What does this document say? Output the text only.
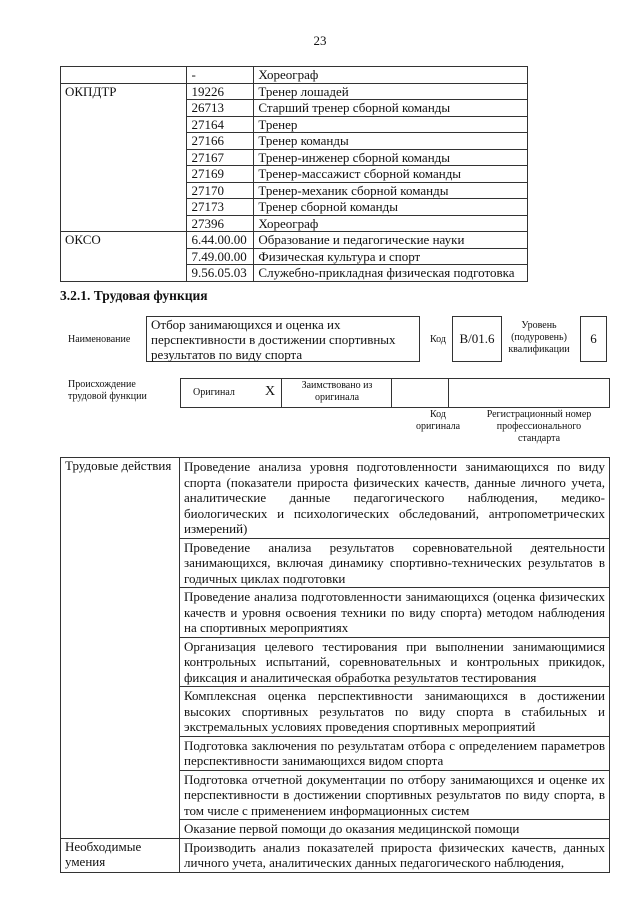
23
	-	Хореограф
ОКПДТР	19226	Тренер лошадей
	26713	Старший тренер сборной команды
	27164	Тренер
	27166	Тренер команды
	27167	Тренер-инженер сборной команды
	27169	Тренер-массажист сборной команды
	27170	Тренер-механик сборной команды
	27173	Тренер сборной команды
	27396	Хореограф
ОКСО	6.44.00.00	Образование и педагогические науки
	7.49.00.00	Физическая культура и спорт
	9.56.05.03	Служебно-прикладная физическая подготовка
3.2.1. Трудовая функция
Наименование
Отбор занимающихся и оценка их перспективности в достижении спортивных результатов по виду спорта
Код	B/01.6
Уровень (подуровень) квалификации
6
Происхождение трудовой функции	Оригинал X	Заимствовано из оригинала
Код оригинала
Регистрационный номер профессионального стандарта
Трудовые действия	Проведение анализа уровня подготовленности занимающихся по виду спорта (показатели прироста физических качеств, данные личного учета, аналитические данные педагогического наблюдения, медико-биологических и психологических обследований, антропометрических измерений)
	Проведение анализа результатов соревновательной деятельности занимающихся, включая динамику спортивно-технических результатов в годичных циклах подготовки
	Проведение анализа подготовленности занимающихся (оценка физических качеств и уровня освоения техники по виду спорта) методом наблюдения на спортивных мероприятиях
	Организация целевого тестирования при выполнении занимающимися контрольных испытаний, соревновательных и контрольных прикидок, фиксация и аналитическая обработка результатов тестирования
	Комплексная оценка перспективности занимающихся в достижении высоких спортивных результатов по виду спорта в стабильных и экстремальных условиях проведения спортивных мероприятий
	Подготовка заключения по результатам отбора с определением параметров перспективности занимающихся видом спорта
	Подготовка отчетной документации по отбору занимающихся и оценке их перспективности в достижении спортивных результатов по виду спорта, в том числе с применением информационных систем
	Оказание первой помощи до оказания медицинской помощи
Необходимые умения	Производить анализ показателей прироста физических качеств, данных личного учета, аналитических данных педагогического наблюдения,
